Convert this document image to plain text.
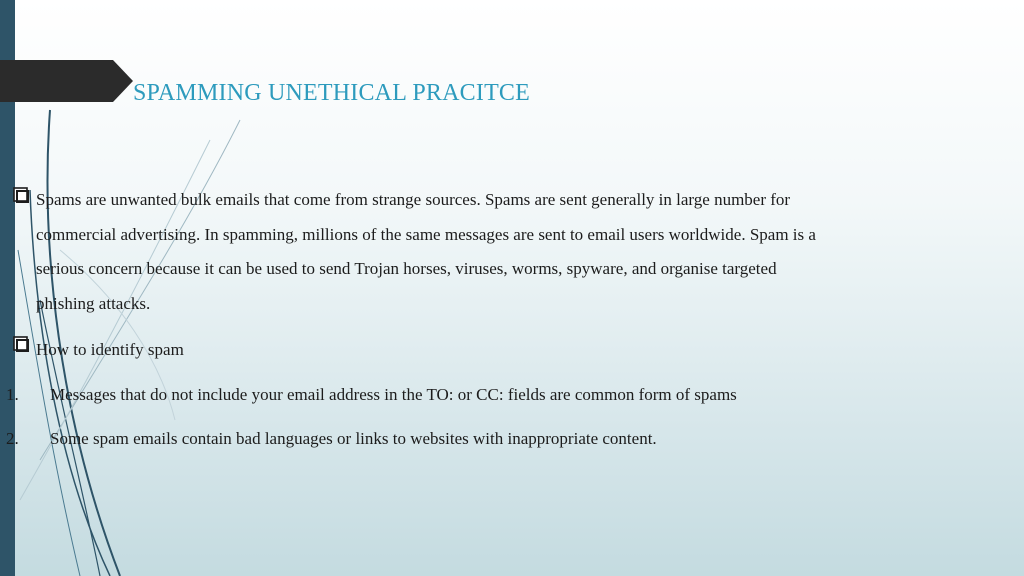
SPAMMING UNETHICAL PRACITCE
Spams are unwanted bulk emails that come from strange sources. Spams are sent generally in large number for
commercial advertising. In spamming, millions of the same messages are sent to email users worldwide. Spam is a
serious concern because it can be used to send Trojan horses, viruses, worms, spyware, and organise targeted
phishing attacks.
How to identify spam
1. Messages that do not include your email address in the TO: or CC: fields are common form of spams
2. Some spam emails contain bad languages or links to websites with inappropriate content.
